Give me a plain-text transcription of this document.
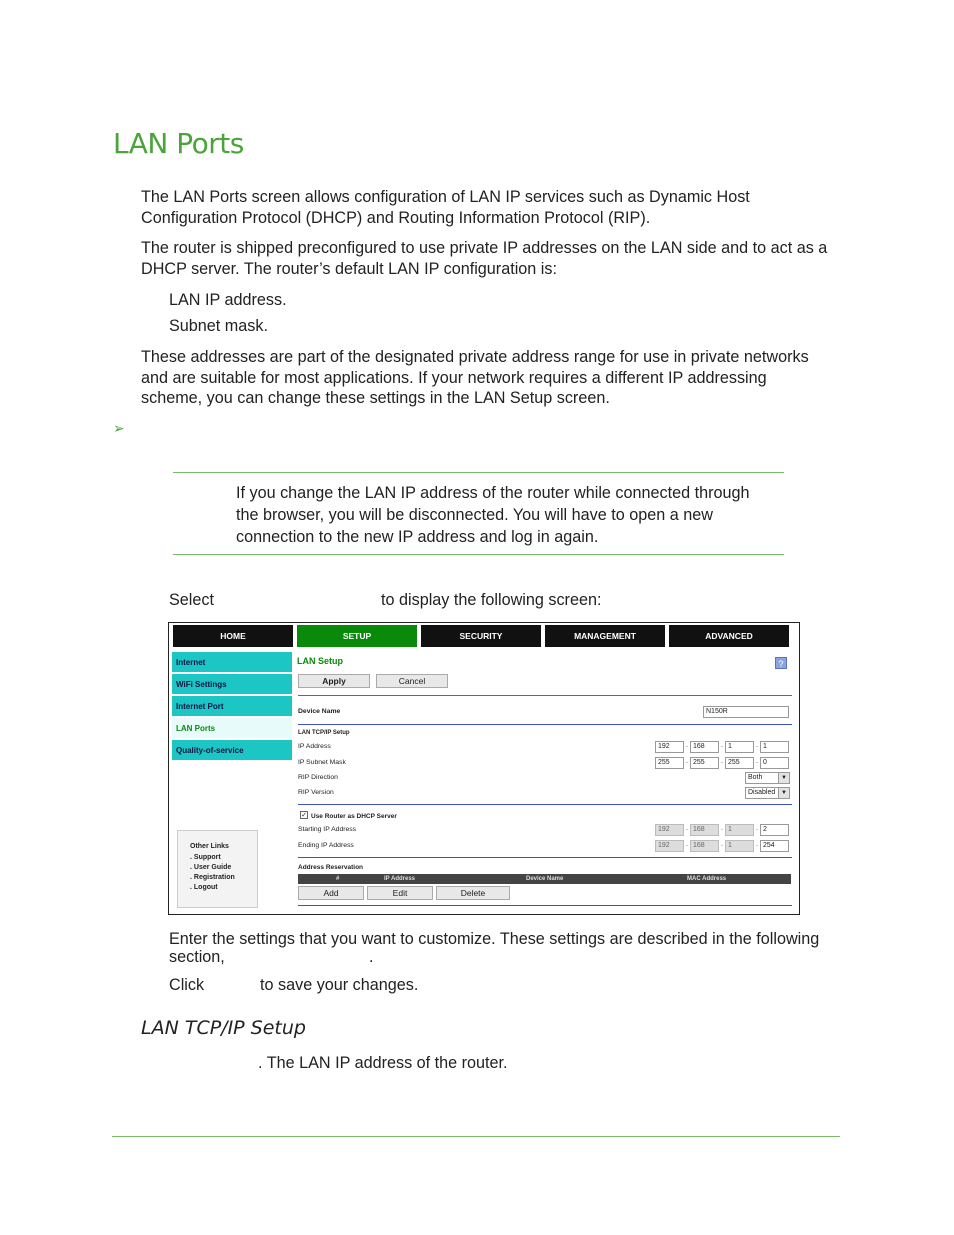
LAN Ports
The LAN Ports screen allows configuration of LAN IP services such as Dynamic Host Configuration Protocol (DHCP) and Routing Information Protocol (RIP).
The router is shipped preconfigured to use private IP addresses on the LAN side and to act as a DHCP server. The router’s default LAN IP configuration is:
LAN IP address.
Subnet mask.
These addresses are part of the designated private address range for use in private networks and are suitable for most applications. If your network requires a different IP addressing scheme, you can change these settings in the LAN Setup screen.
➢
If you change the LAN IP address of the router while connected through the browser, you will be disconnected. You will have to open a new connection to the new IP address and log in again.
Select	to display the following screen:
HOME	SETUP	SECURITY	MANAGEMENT	ADVANCED
Internet
WiFi Settings
Internet Port
LAN Ports
Quality-of-service
Other Links
. Support
. User Guide
. Registration
. Logout
LAN Setup	?
Apply	Cancel
Device Name	N150R
LAN TCP/IP Setup
IP Address	192	. 168	. 1	. 1
IP Subnet Mask	255	. 255	. 255	. 0
RIP Direction	Both	▼
RIP Version	Disabled ▼
✓ Use Router as DHCP Server
Starting IP Address	192	. 168	. 1	. 2
Ending IP Address	192	. 168	. 1	. 254
Address Reservation
#	IP Address	Device Name	MAC Address
Add	Edit	Delete
Enter the settings that you want to customize. These settings are described in the following
section,	.
Click	to save your changes.
LAN TCP/IP Setup
. The LAN IP address of the router.
